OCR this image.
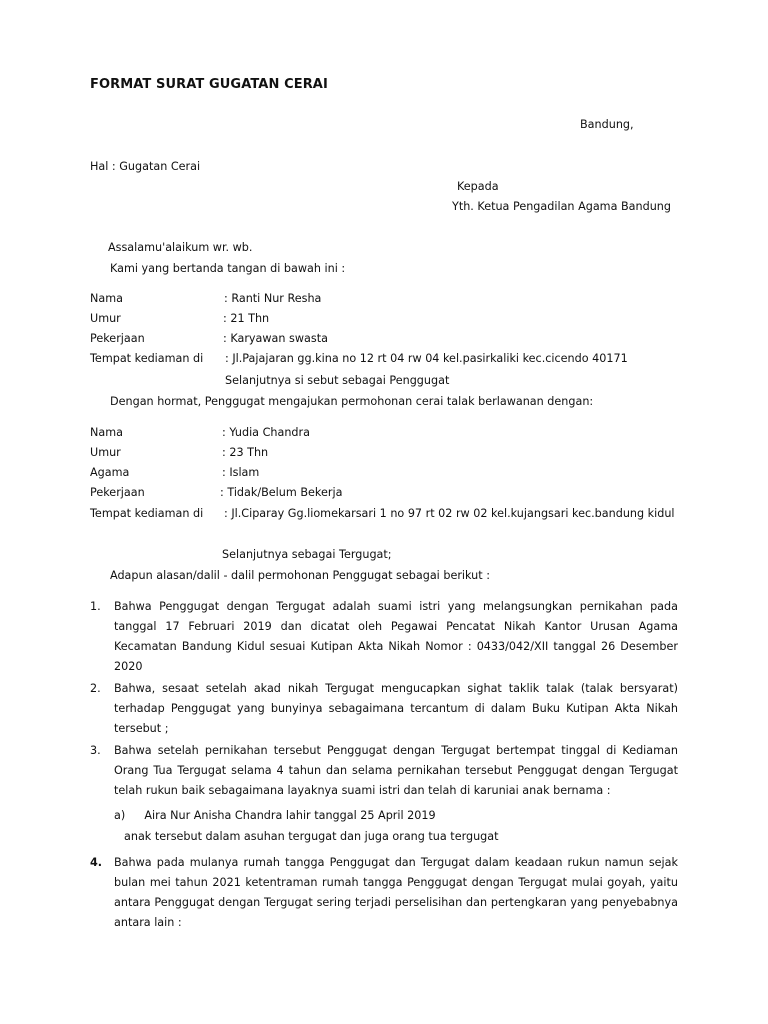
FORMAT SURAT GUGATAN CERAI
Bandung,
Hal : Gugatan Cerai
Kepada
Yth. Ketua Pengadilan Agama Bandung
Assalamu'alaikum wr. wb.
Kami yang bertanda tangan di bawah ini :
Nama	: Ranti Nur Resha
Umur	: 21 Thn
Pekerjaan	: Karyawan swasta
Tempat kediaman di : Jl.Pajajaran gg.kina no 12 rt 04 rw 04 kel.pasirkaliki kec.cicendo 40171
Selanjutnya si sebut sebagai Penggugat
Dengan hormat, Penggugat mengajukan permohonan cerai talak berlawanan dengan:
Nama	: Yudia Chandra
Umur	: 23 Thn
Agama	: Islam
Pekerjaan	: Tidak/Belum Bekerja
Tempat kediaman di : Jl.Ciparay Gg.liomekarsari 1 no 97 rt 02 rw 02 kel.kujangsari kec.bandung kidul
Selanjutnya sebagai Tergugat;
Adapun alasan/dalil - dalil permohonan Penggugat sebagai berikut :
1. Bahwa Penggugat dengan Tergugat adalah suami istri yang melangsungkan pernikahan pada tanggal 17 Februari 2019 dan dicatat oleh Pegawai Pencatat Nikah Kantor Urusan Agama Kecamatan Bandung Kidul sesuai Kutipan Akta Nikah Nomor : 0433/042/XII tanggal 26 Desember 2020
2. Bahwa, sesaat setelah akad nikah Tergugat mengucapkan sighat taklik talak (talak bersyarat) terhadap Penggugat yang bunyinya sebagaimana tercantum di dalam Buku Kutipan Akta Nikah tersebut ;
3. Bahwa setelah pernikahan tersebut Penggugat dengan Tergugat bertempat tinggal di Kediaman Orang Tua Tergugat selama 4 tahun dan selama pernikahan tersebut Penggugat dengan Tergugat telah rukun baik sebagaimana layaknya suami istri dan telah di karuniai anak bernama :
a) Aira Nur Anisha Chandra lahir tanggal 25 April 2019
anak tersebut dalam asuhan tergugat dan juga orang tua tergugat
4. Bahwa pada mulanya rumah tangga Penggugat dan Tergugat dalam keadaan rukun namun sejak bulan mei tahun 2021 ketentraman rumah tangga Penggugat dengan Tergugat mulai goyah, yaitu antara Penggugat dengan Tergugat sering terjadi perselisihan dan pertengkaran yang penyebabnya antara lain :
